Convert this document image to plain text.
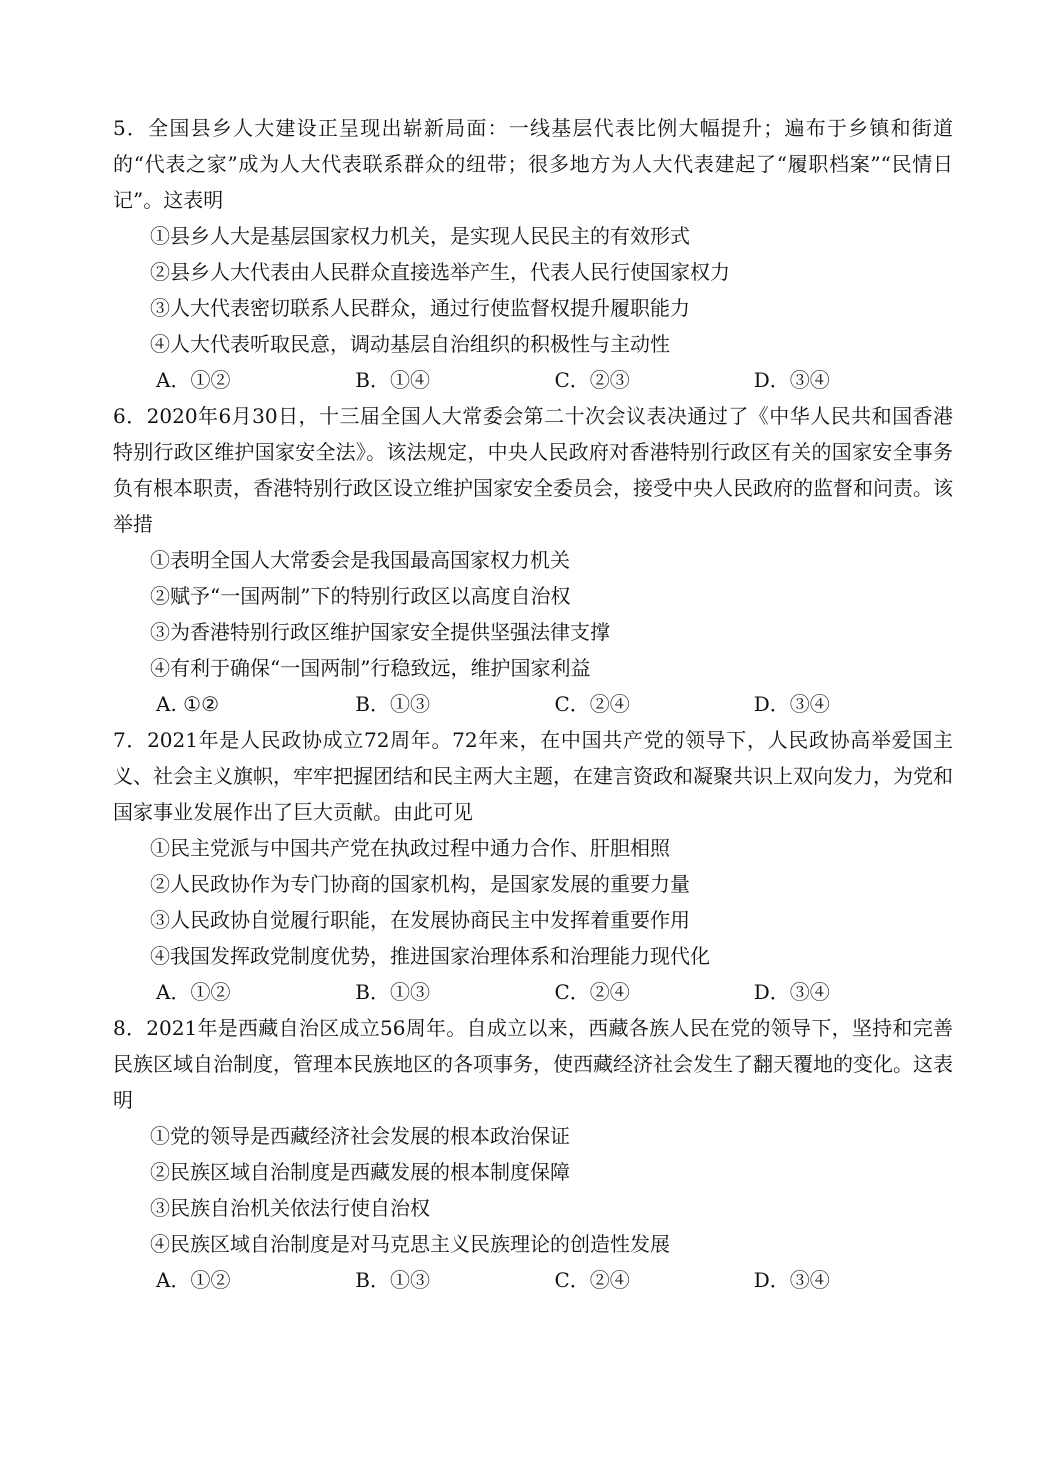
5．全国县乡人大建设正呈现出崭新局面：一线基层代表比例大幅提升；遍布于乡镇和街道的“代表之家”成为人大代表联系群众的纽带；很多地方为人大代表建起了“履职档案”“民情日记”。这表明

①县乡人大是基层国家权力机关，是实现人民民主的有效形式

②县乡人大代表由人民群众直接选举产生，代表人民行使国家权力

③人大代表密切联系人民群众，通过行使监督权提升履职能力

④人大代表听取民意，调动基层自治组织的积极性与主动性

A．①②	B．①④	C．②③	D．③④

6．2020年6月30日，十三届全国人大常委会第二十次会议表决通过了《中华人民共和国香港特别行政区维护国家安全法》。该法规定，中央人民政府对香港特别行政区有关的国家安全事务负有根本职责，香港特别行政区设立维护国家安全委员会，接受中央人民政府的监督和问责。该举措

①表明全国人大常委会是我国最高国家权力机关

②赋予“一国两制”下的特别行政区以高度自治权

③为香港特别行政区维护国家安全提供坚强法律支撑

④有利于确保“一国两制”行稳致远，维护国家利益

A. ①②	B．①③	C．②④	D．③④

7．2021年是人民政协成立72周年。72年来，在中国共产党的领导下，人民政协高举爱国主义、社会主义旗帜，牢牢把握团结和民主两大主题，在建言资政和凝聚共识上双向发力，为党和国家事业发展作出了巨大贡献。由此可见

①民主党派与中国共产党在执政过程中通力合作、肝胆相照

②人民政协作为专门协商的国家机构，是国家发展的重要力量

③人民政协自觉履行职能，在发展协商民主中发挥着重要作用

④我国发挥政党制度优势，推进国家治理体系和治理能力现代化

A．①②	B．①③	C．②④	D．③④

8．2021年是西藏自治区成立56周年。自成立以来，西藏各族人民在党的领导下，坚持和完善民族区域自治制度，管理本民族地区的各项事务，使西藏经济社会发生了翻天覆地的变化。这表明

①党的领导是西藏经济社会发展的根本政治保证

②民族区域自治制度是西藏发展的根本制度保障

③民族自治机关依法行使自治权

④民族区域自治制度是对马克思主义民族理论的创造性发展

A．①②	B．①③	C．②④	D．③④
